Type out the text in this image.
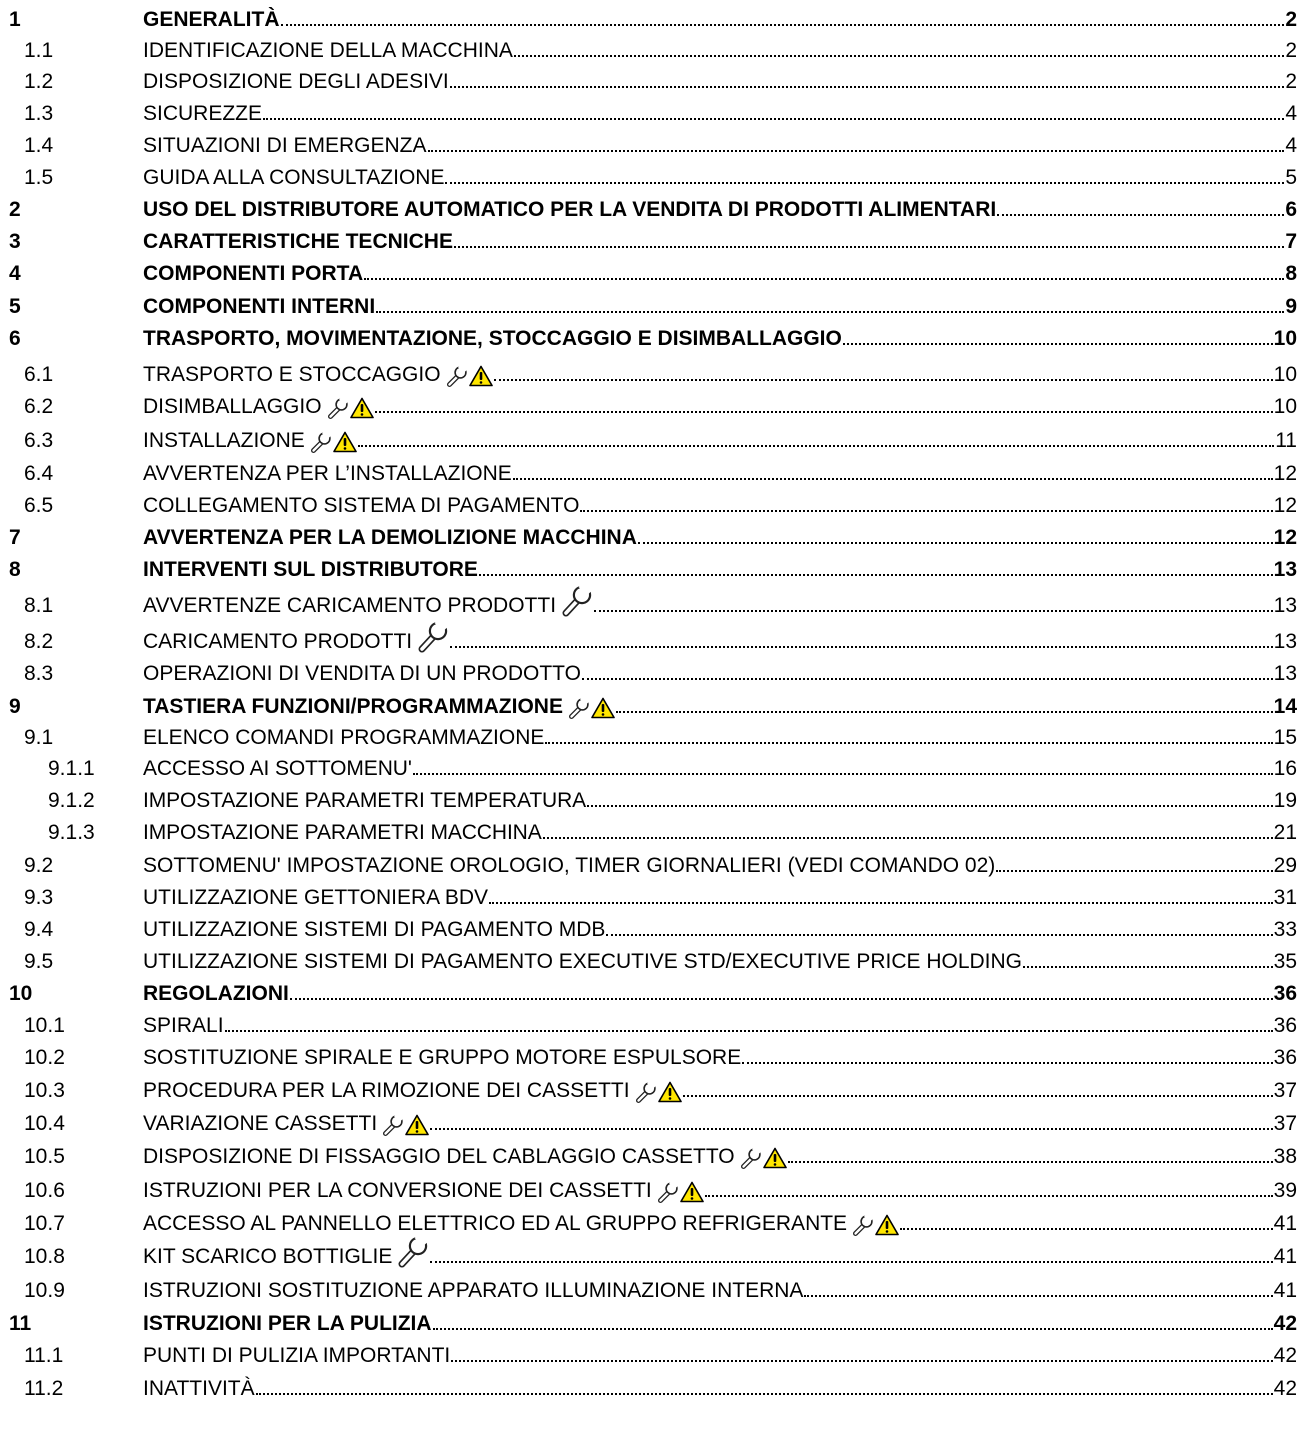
1	GENERALITÀ	2
1.1	IDENTIFICAZIONE DELLA MACCHINA	2
1.2	DISPOSIZIONE DEGLI ADESIVI	2
1.3	SICUREZZE	4
1.4	SITUAZIONI DI EMERGENZA	4
1.5	GUIDA ALLA CONSULTAZIONE	5
2	USO DEL DISTRIBUTORE AUTOMATICO PER LA VENDITA DI PRODOTTI ALIMENTARI	6
3	CARATTERISTICHE TECNICHE	7
4	COMPONENTI PORTA	8
5	COMPONENTI INTERNI	9
6	TRASPORTO, MOVIMENTAZIONE, STOCCAGGIO E DISIMBALLAGGIO	10
6.1	TRASPORTO E STOCCAGGIO	10
6.2	DISIMBALLAGGIO	10
6.3	INSTALLAZIONE	11
6.4	AVVERTENZA PER L’INSTALLAZIONE	12
6.5	COLLEGAMENTO SISTEMA DI PAGAMENTO	12
7	AVVERTENZA PER LA DEMOLIZIONE MACCHINA	12
8	INTERVENTI SUL DISTRIBUTORE	13
8.1	AVVERTENZE CARICAMENTO PRODOTTI	13
8.2	CARICAMENTO PRODOTTI	13
8.3	OPERAZIONI DI VENDITA DI UN PRODOTTO	13
9	TASTIERA FUNZIONI/PROGRAMMAZIONE	14
9.1	ELENCO COMANDI PROGRAMMAZIONE	15
9.1.1 ACCESSO AI SOTTOMENU'	16
9.1.2 IMPOSTAZIONE PARAMETRI TEMPERATURA	19
9.1.3 IMPOSTAZIONE PARAMETRI MACCHINA	21
9.2	SOTTOMENU' IMPOSTAZIONE OROLOGIO, TIMER GIORNALIERI (VEDI COMANDO 02)	29
9.3	UTILIZZAZIONE GETTONIERA BDV	31
9.4	UTILIZZAZIONE SISTEMI DI PAGAMENTO MDB	33
9.5	UTILIZZAZIONE SISTEMI DI PAGAMENTO EXECUTIVE STD/EXECUTIVE PRICE HOLDING	35
10	REGOLAZIONI	36
10.1	SPIRALI	36
10.2	SOSTITUZIONE SPIRALE E GRUPPO MOTORE ESPULSORE	36
10.3	PROCEDURA PER LA RIMOZIONE DEI CASSETTI	37
10.4	VARIAZIONE CASSETTI	37
10.5	DISPOSIZIONE DI FISSAGGIO DEL CABLAGGIO CASSETTO	38
10.6	ISTRUZIONI PER LA CONVERSIONE DEI CASSETTI	39
10.7	ACCESSO AL PANNELLO ELETTRICO ED AL GRUPPO REFRIGERANTE	41
10.8	KIT SCARICO BOTTIGLIE	41
10.9	ISTRUZIONI SOSTITUZIONE APPARATO ILLUMINAZIONE INTERNA	41
11	ISTRUZIONI PER LA PULIZIA	42
11.1	PUNTI DI PULIZIA IMPORTANTI	42
11.2	INATTIVITÀ	42
